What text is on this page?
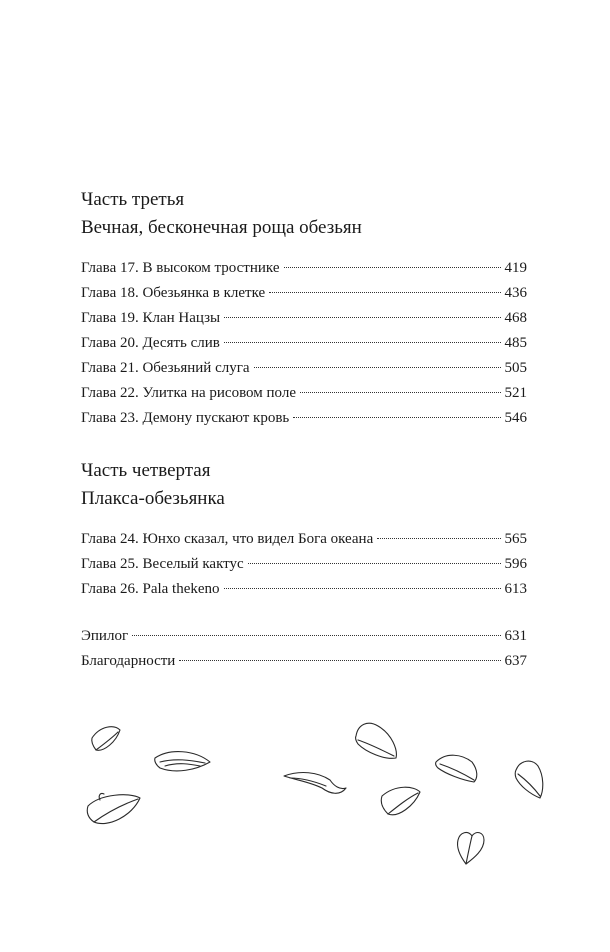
Часть третья

Вечная, бесконечная роща обезьян

Глава 17. В высоком тростнике	419
Глава 18. Обезьянка в клетке	436
Глава 19. Клан Нацзы	468
Глава 20. Десять слив	485
Глава 21. Обезьяний слуга	505
Глава 22. Улитка на рисовом поле	521
Глава 23. Демону пускают кровь	546

Часть четвертая

Плакса-обезьянка

Глава 24. Юнхо сказал, что видел Бога океана	565
Глава 25. Веселый кактус	596
Глава 26. Pala thekeno	613
Эпилог	631
Благодарности	637
